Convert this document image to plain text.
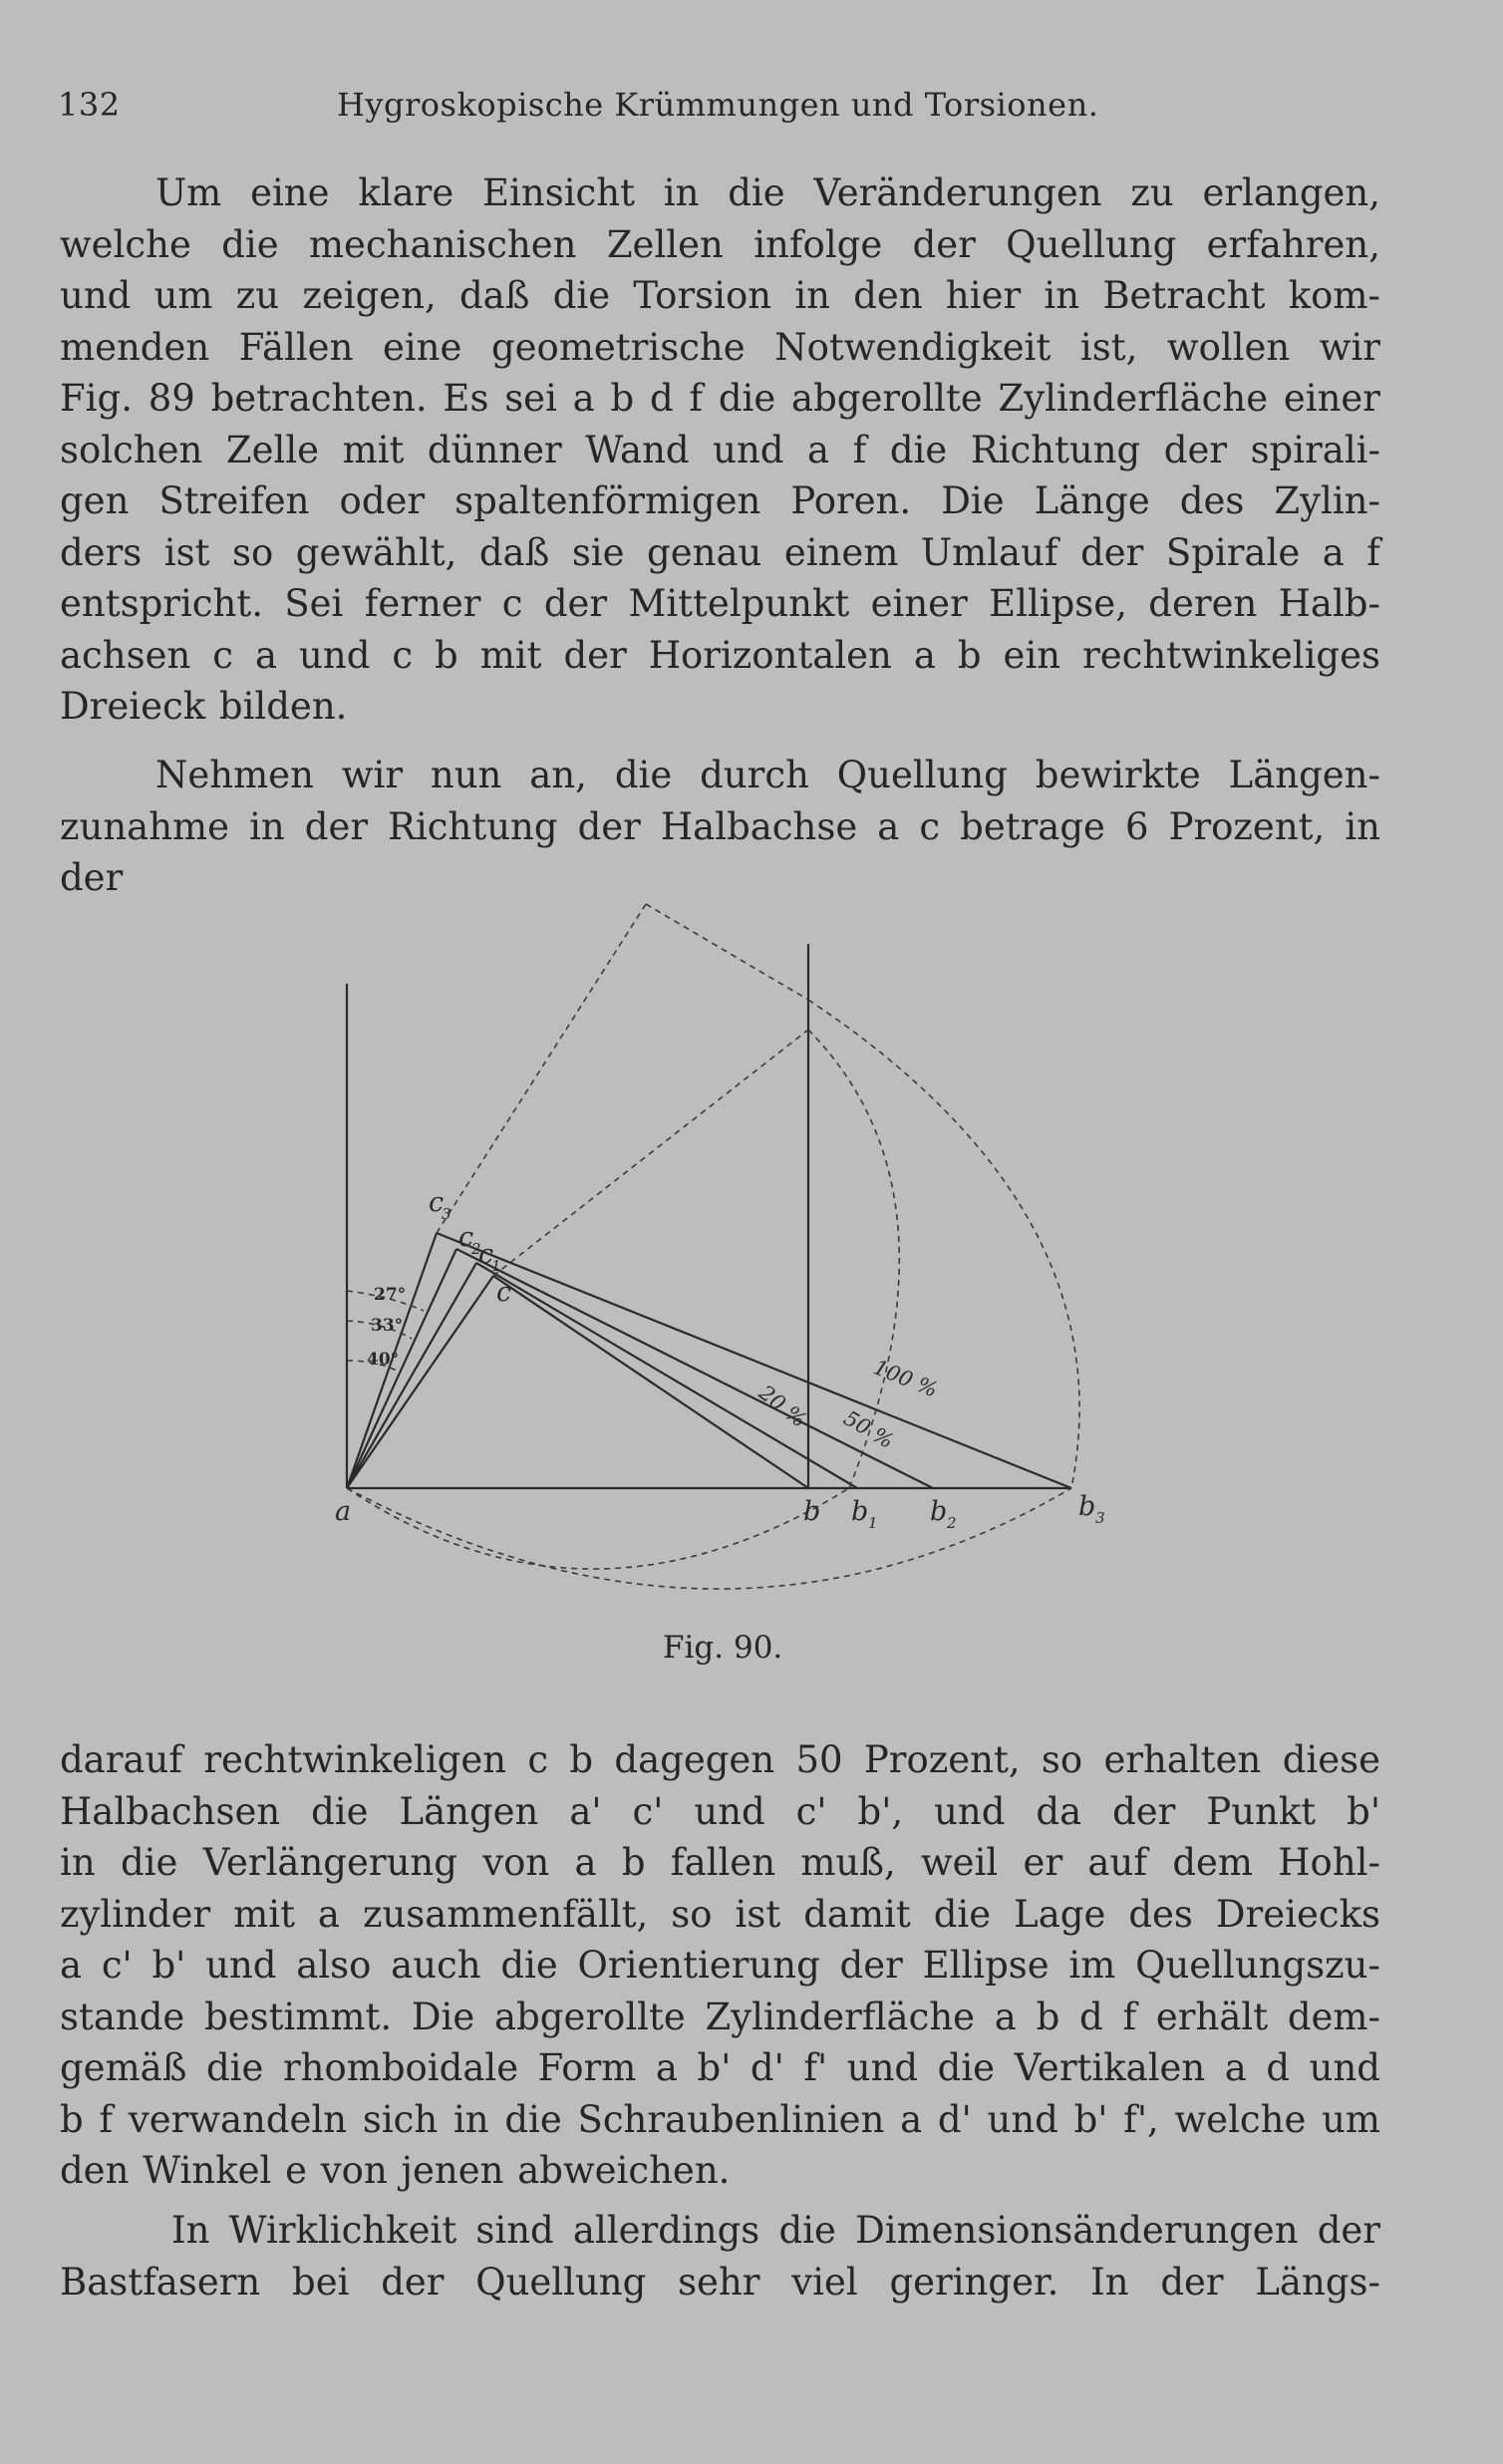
132	Hygroskopische Krümmungen und Torsionen.
Um eine klare Einsicht in die Veränderungen zu erlangen,
welche die mechanischen Zellen infolge der Quellung erfahren,
und um zu zeigen, daß die Torsion in den hier in Betracht kom-
menden Fällen eine geometrische Notwendigkeit ist, wollen wir
Fig. 89 betrachten. Es sei a b d f die abgerollte Zylinderfläche einer
solchen Zelle mit dünner Wand und a f die Richtung der spirali-
gen Streifen oder spaltenförmigen Poren. Die Länge des Zylin-
ders ist so gewählt, daß sie genau einem Umlauf der Spirale a f
entspricht. Sei ferner c der Mittelpunkt einer Ellipse, deren Halb-
achsen c a und c b mit der Horizontalen a b ein rechtwinkeliges
Dreieck bilden.
Nehmen wir nun an, die durch Quellung bewirkte Längen-
zunahme in der Richtung der Halbachse a c betrage 6 Prozent, in der
a	b b 1 b 2
b 3
c
c
1
c
2
c
3
27°
33°
40°
20 % 50 %
100 %
Fig. 90.
darauf rechtwinkeligen c b dagegen 50 Prozent, so erhalten diese
Halbachsen die Längen a' c' und c' b', und da der Punkt b'
in die Verlängerung von a b fallen muß, weil er auf dem Hohl-
zylinder mit a zusammenfällt, so ist damit die Lage des Dreiecks
a c' b' und also auch die Orientierung der Ellipse im Quellungszu-
stande bestimmt. Die abgerollte Zylinderfläche a b d f erhält dem-
gemäß die rhomboidale Form a b' d' f' und die Vertikalen a d und
b f verwandeln sich in die Schraubenlinien a d' und b' f', welche um
den Winkel e von jenen abweichen.
In Wirklichkeit sind allerdings die Dimensionsänderungen der
Bastfasern bei der Quellung sehr viel geringer. In der Längs-
